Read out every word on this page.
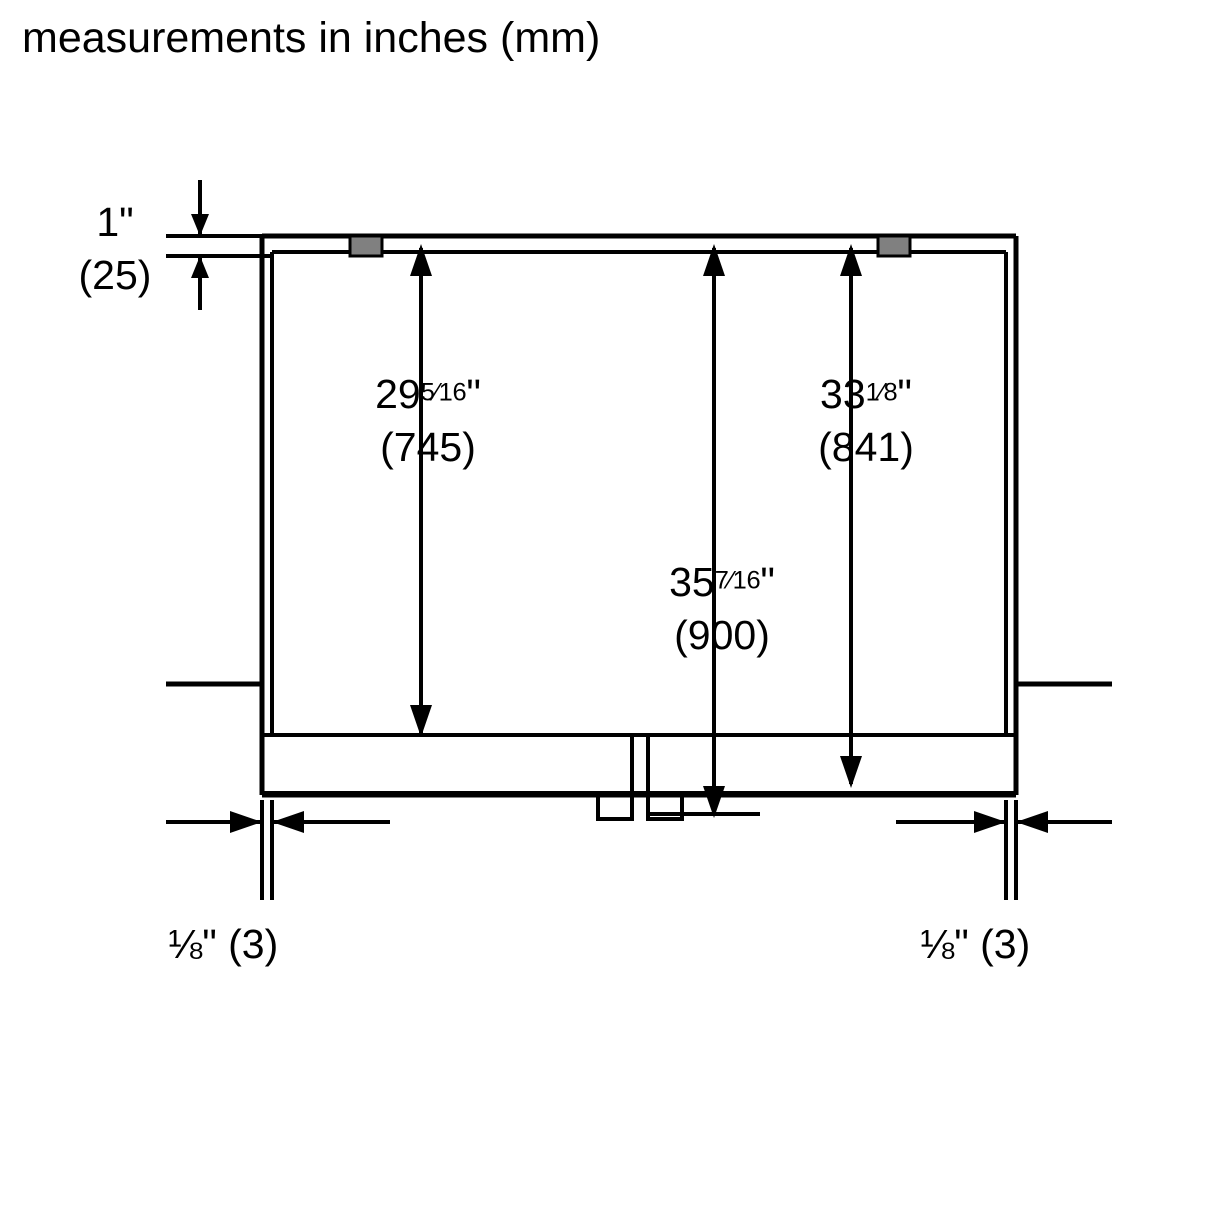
measurements in inches (mm)
1"
(25)
295⁄16"
(745)
357⁄16"
(900)
331⁄8"
(841)
⅛" (3)	⅛" (3)
